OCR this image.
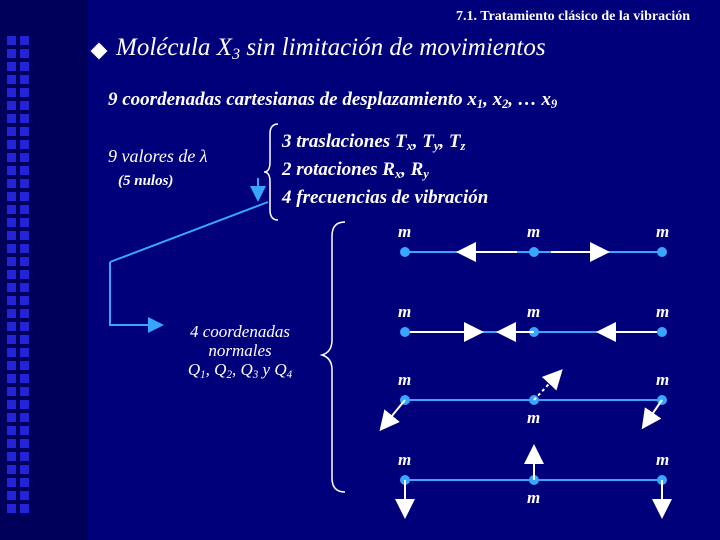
7.1. Tratamiento clásico de la vibración
Molécula $X_3$ sin limitación de movimientos
9 coordenadas cartesianas de desplazamiento $x_1$, $x_2$, … $x_9$
9 valores de λ
(5 nulos)
3 traslaciones $T_x$, $T_y$, $T_z$
2 rotaciones $R_x$, $R_y$
4 frecuencias de vibración
4 coordenadas
normales
$Q_1$, $Q_2$, $Q_3$ y $Q_4$
m	m	m
m	m	m
m	m
m
m	m
m
